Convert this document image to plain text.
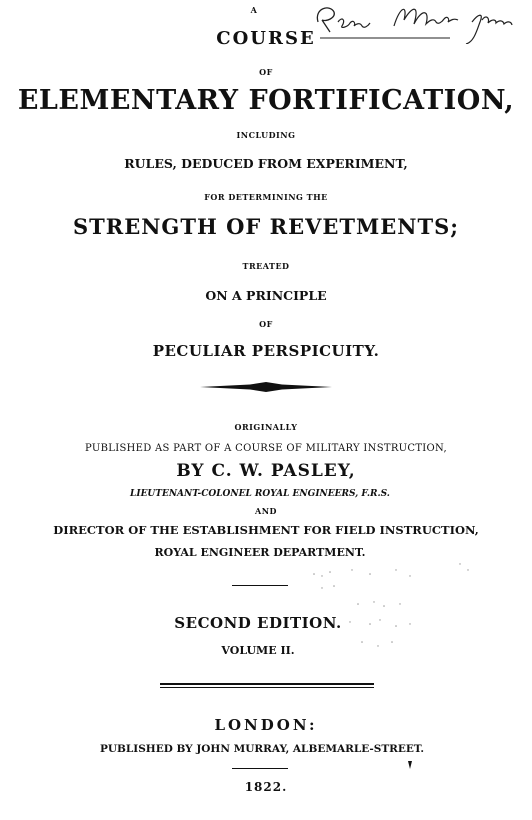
A
COURSE
OF
ELEMENTARY FORTIFICATION,
INCLUDING
RULES, DEDUCED FROM EXPERIMENT,
FOR DETERMINING THE
STRENGTH OF REVETMENTS;
TREATED
ON A PRINCIPLE
OF
PECULIAR PERSPICUITY.
ORIGINALLY
PUBLISHED AS PART OF A COURSE OF MILITARY INSTRUCTION,
BY C. W. PASLEY,
LIEUTENANT-COLONEL ROYAL ENGINEERS, F.R.S.
AND
DIRECTOR OF THE ESTABLISHMENT FOR FIELD INSTRUCTION,
ROYAL ENGINEER DEPARTMENT.
SECOND EDITION.
VOLUME II.
LONDON:
PUBLISHED BY JOHN MURRAY, ALBEMARLE-STREET.
1822.
